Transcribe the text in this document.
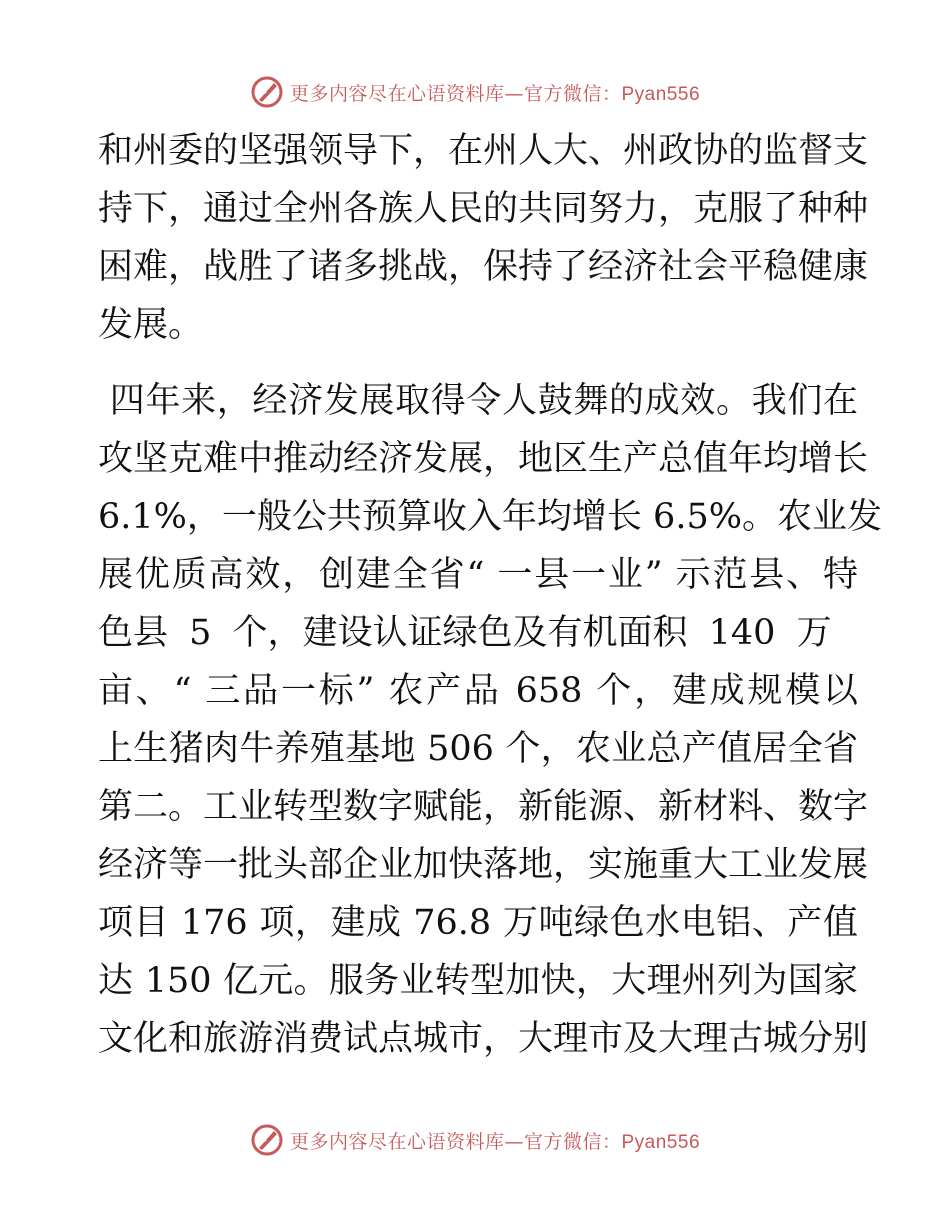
更多内容尽在心语资料库—官方微信：Pyan556
和州委的坚强领导下，在州人大、州政协的监督支
持下，通过全州各族人民的共同努力，克服了种种
困难，战胜了诸多挑战，保持了经济社会平稳健康
发展。
四年来，经济发展取得令人鼓舞的成效。我们在
攻坚克难中推动经济发展，地区生产总值年均增长
6.1%，一般公共预算收入年均增长 6.5%。农业发
展优质高效，创建全省“ 一县一业” 示范县、特
色县 5 个，建设认证绿色及有机面积 140 万
亩、“ 三品一标” 农产品 658 个，建成规模以
上生猪肉牛养殖基地 506 个，农业总产值居全省
第二。工业转型数字赋能，新能源、新材料、数字
经济等一批头部企业加快落地，实施重大工业发展
项目 176 项，建成 76.8 万吨绿色水电铝、产值
达 150 亿元。服务业转型加快，大理州列为国家
文化和旅游消费试点城市，大理市及大理古城分别
更多内容尽在心语资料库—官方微信：Pyan556
